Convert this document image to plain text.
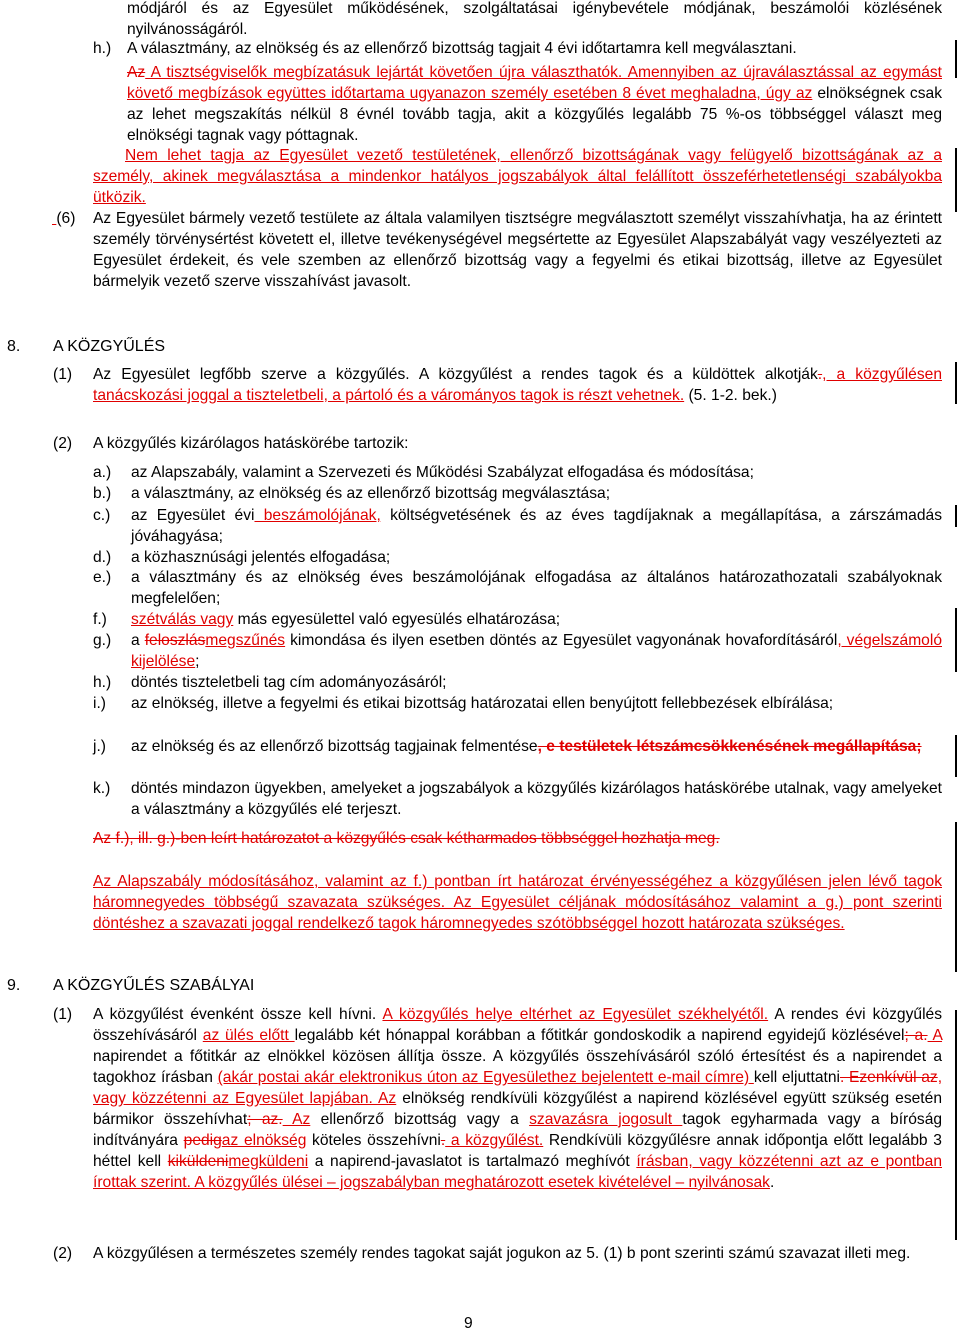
módjáról és az Egyesület működésének, szolgáltatásai igénybevétele módjának, beszámolói közlésének nyilvánosságáról.
h.) A választmány, az elnökség és az ellenőrző bizottság tagjait 4 évi időtartamra kell megválasztani.
Az A tisztségviselők megbízatásuk lejártát követően újra választhatók. Amennyiben az újraválasztással az egymást követő megbízások együttes időtartama ugyanazon személy esetében 8 évet meghaladna, úgy az elnökségnek csak az lehet megszakítás nélkül 8 évnél tovább tagja, akit a közgyűlés legalább 75 %-os többséggel választ meg elnökségi tagnak vagy póttagnak.
Nem lehet tagja az Egyesület vezető testületének, ellenőrző bizottságának vagy felügyelő bizottságának az a személy, akinek megválasztása a mindenkor hatályos jogszabályok által felállított összeférhetetlenségi szabályokba ütközik.
(6) Az Egyesület bármely vezető testülete az általa valamilyen tisztségre megválasztott személyt visszahívhatja, ha az érintett személy törvénysértést követett el, illetve tevékenységével megsértette az Egyesület Alapszabályát vagy veszélyezteti az Egyesület érdekeit, és vele szemben az ellenőrző bizottság vagy a fegyelmi és etikai bizottság, illetve az Egyesület bármelyik vezető szerve visszahívást javasolt.
8. A KÖZGYŰLÉS
(1) Az Egyesület legfőbb szerve a közgyűlés. A közgyűlést a rendes tagok és a küldöttek alkotják., a közgyűlésen tanácskozási joggal a tiszteletbeli, a pártoló és a várományos tagok is részt vehetnek. (5. 1-2. bek.)
(2) A közgyűlés kizárólagos hatáskörébe tartozik:
a.) az Alapszabály, valamint a Szervezeti és Működési Szabályzat elfogadása és módosítása;
b.) a választmány, az elnökség és az ellenőrző bizottság megválasztása;
c.) az Egyesület évi beszámolójának, költségvetésének és az éves tagdíjaknak a megállapítása, a zárszámadás jóváhagyása;
d.) a közhasznúsági jelentés elfogadása;
e.) a választmány és az elnökség éves beszámolójának elfogadása az általános határozathozatali szabályoknak megfelelően;
f.) szétválás vagy más egyesülettel való egyesülés elhatározása;
g.) a feloszlásmegszűnés kimondása és ilyen esetben döntés az Egyesület vagyonának hovafordításáról, végelszámoló kijelölése;
h.) döntés tiszteletbeli tag cím adományozásáról;
i.) az elnökség, illetve a fegyelmi és etikai bizottság határozatai ellen benyújtott fellebbezések elbírálása;
j.) az elnökség és az ellenőrző bizottság tagjainak felmentése, e testületek létszámcsökkenésének megállapítása;
k.) döntés mindazon ügyekben, amelyeket a jogszabályok a közgyűlés kizárólagos hatáskörébe utalnak, vagy amelyeket a választmány a közgyűlés elé terjeszt.
Az f.), ill. g.)-ben leírt határozatot a közgyűlés csak kétharmados többséggel hozhatja meg.
Az Alapszabály módosításához, valamint az f.) pontban írt határozat érvényességéhez a közgyűlésen jelen lévő tagok háromnegyedes többségű szavazata szükséges. Az Egyesület céljának módosításához valamint a g.) pont szerinti döntéshez a szavazati joggal rendelkező tagok háromnegyedes szótöbbséggel hozott határozata szükséges.
9. A KÖZGYŰLÉS SZABÁLYAI
(1) A közgyűlést évenként össze kell hívni. A közgyűlés helye eltérhet az Egyesület székhelyétől. A rendes évi közgyűlés összehívásáról az ülés előtt legalább két hónappal korábban a főtitkár gondoskodik a napirend egyidejű közlésével; a. A napirendet a főtitkár az elnökkel közösen állítja össze. A közgyűlés összehívásáról szóló értesítést és a napirendet a tagokhoz írásban (akár postai akár elektronikus úton az Egyesülethez bejelentett e-mail címre) kell eljuttatni. Ezenkívül az, vagy közzétenni az Egyesület lapjában. Az elnökség rendkívüli közgyűlést a napirend közlésével együtt szükség esetén bármikor összehívhat; az. Az ellenőrző bizottság vagy a szavazásra jogosult tagok egyharmada vagy a bíróság indítványára pedigaz elnökség köteles összehívni. a közgyűlést. Rendkívüli közgyűlésre annak időpontja előtt legalább 3 héttel kell kiküldenimegküldeni a napirend-javaslatot is tartalmazó meghívót írásban, vagy közzétenni azt az e pontban írottak szerint. A közgyűlés ülései – jogszabályban meghatározott esetek kivételével – nyilvánosak.
(2) A közgyűlésen a természetes személy rendes tagokat saját jogukon az 5. (1) b pont szerinti számú szavazat illeti meg.
9
